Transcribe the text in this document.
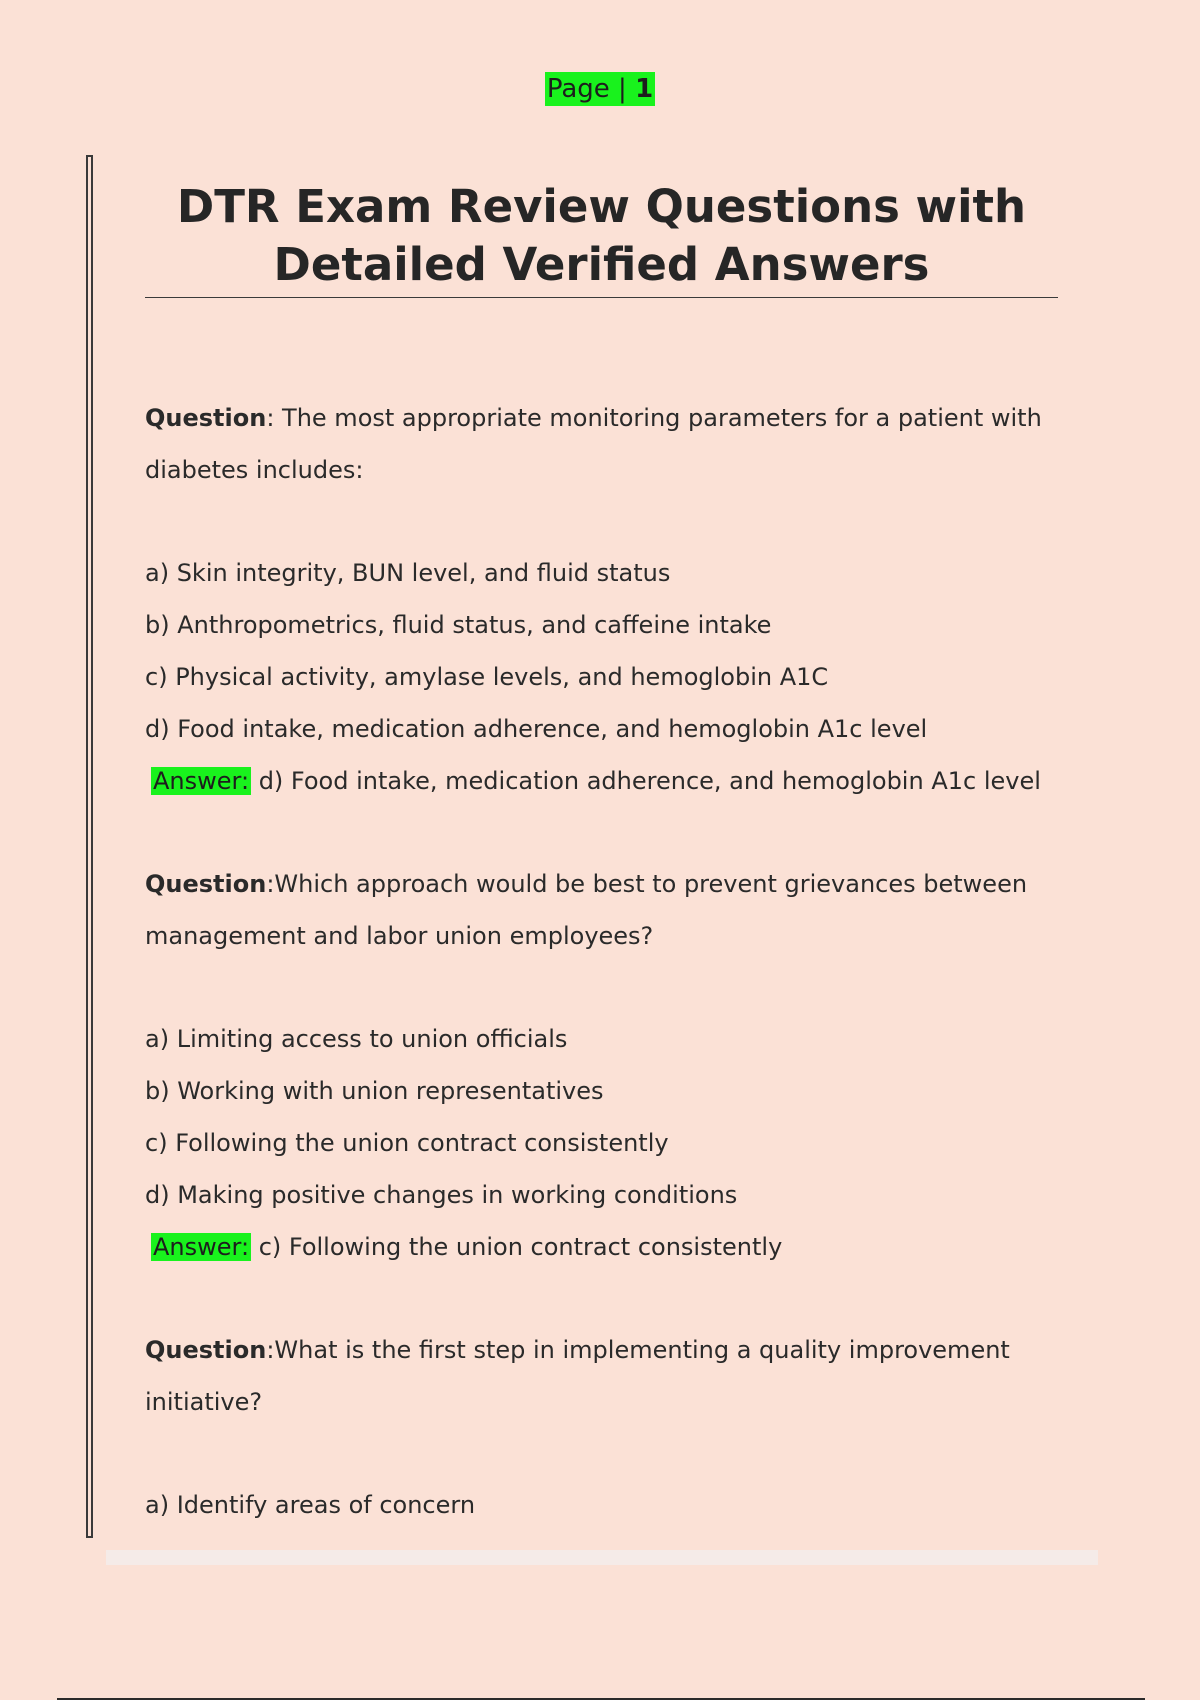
Page | 1
DTR Exam Review Questions with
Detailed Verified Answers

Question: The most appropriate monitoring parameters for a patient with

diabetes includes:

a) Skin integrity, BUN level, and fluid status

b) Anthropometrics, fluid status, and caffeine intake

c) Physical activity, amylase levels, and hemoglobin A1C

d) Food intake, medication adherence, and hemoglobin A1c level

Answer: d) Food intake, medication adherence, and hemoglobin A1c level

Question:Which approach would be best to prevent grievances between

management and labor union employees?

a) Limiting access to union officials

b) Working with union representatives

c) Following the union contract consistently

d) Making positive changes in working conditions

Answer: c) Following the union contract consistently

Question:What is the first step in implementing a quality improvement

initiative?

a) Identify areas of concern
